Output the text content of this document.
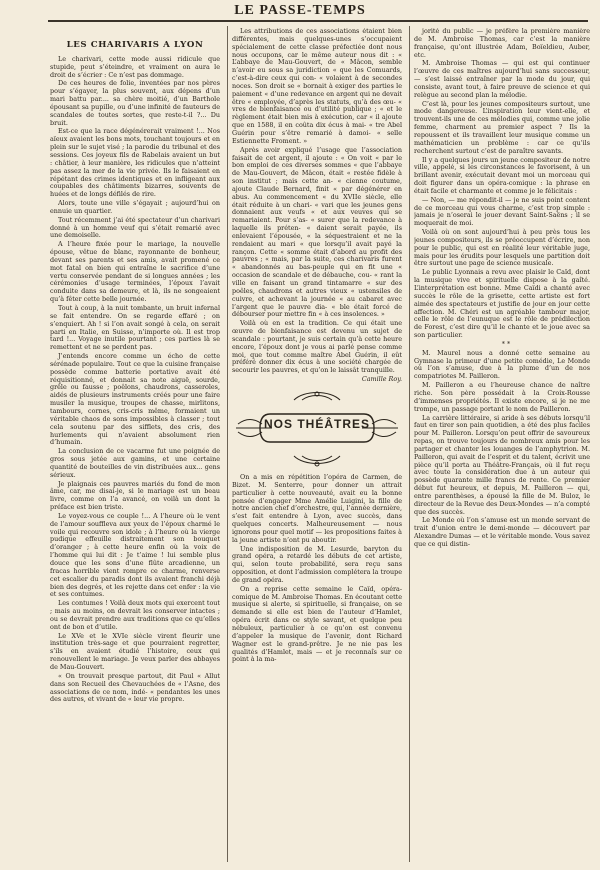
LE PASSE-TEMPS
LES CHARIVARIS A LYON

Le charivari, cette mode aussi ridicule que stupide, peut s’éteindre, et vraiment on aura le droit de s’écrier : Ce n’est pas dommage.

De ces heures de folie, inventées par nos pères pour s’égayer, la plus souvent, aux dépens d’un mari battu par.... sa chère moitié, d’un Barthole épousant sa pupille, ou d’une infinité de fauteurs de scandales de toutes sortes, que reste-t-il ?... Du bruit.

Est-ce que la race dégénérerait vraiment !... Nos aïeux avaient les bons mots, touchant toujours et en plein sur le sujet visé ; la parodie du tribunal et des sessions. Ces joyeux fils de Rabelais avaient un but : châtier, à leur manière, les ridicules que n’atteint pas assez la mer de la vie privée. Ils le faisaient en répétant des crimes identiques et en infligeant aux coupables des châtiments bizarres, souvents de huées et de longs défilés de rire.

Alors, toute une ville s’égayait ; aujourd’hui on ennuie un quartier.

Tout récemment j’ai été spectateur d’un charivari donné à un homme veuf qui s’était remarié avec une demoiselle.

A l’heure fixée pour le mariage, la nouvelle épouse, vêtue de blanc, rayonnante de bonheur, devant ses parents et ses amis, avait promené ce mot fatal on bien qui entraîne le sacrifice d’une vertu conservée pendant de si longues années ; les cérémonies d’usage terminées, l’époux l’avait conduite dans sa demeure, et là, ils ne songeaient qu’à fêter cette belle journée.

Tout à coup, à la nuit tombante, un bruit infernal se fait entendre. On se regarde effaré ; on s’enquiert. Ah ! si l’on avait songé à cela, on serait parti en Italie, en Suisse, n’importe où. Il est trop tard !... Voyage inutile pourtant ; ces parties là se remettent et ne se perdent pas.

J’entends encore comme un écho de cette sérénade populaire. Tout ce que la cuisine française possède comme batterie portative avait été réquisitionné, et donnait sa note aiguë, sourde, grêle ou fausse ; poêlons, chaudrons, casseroles, aidés de plusieurs instruments créés pour une faire musiler la musique, troupes de chasse, mirlitons, tambours, cornes, cris-cris même, formaient un véritable chaos de sons impossibles à classer ; tout cela soutenu par des sifflets, des cris, des hurlements qui n’avaient absolument rien d’humain.

La conclusion de ce vacarme fut une poignée de gros sous jetée aux gamins, et une certaine quantité de bouteilles de vin distribuées aux... gens sérieux.

Je plaignais ces pauvres mariés du fond de mon âme, car, me disai-je, si le mariage est un beau livre, comme on l’a avancé, on voilà un dont la préface est bien triste.

Le voyez-vous ce couple !... A l’heure où le vent de l’amour souffleva aux yeux de l’époux charmé le voile qui recouvre son idole ; à l’heure où la vierge pudique effeuille distraitement son bouquet d’oranger ; à cette heure enfin où la voix de l’homme qui lui dit : Je t’aime ! lui semble plus douce que les sons d’une flûte arcadienne, un fracas horrible vient rompre ce charme, renverse cet escalier du paradis dont ils avaient franchi déjà bien des degrés, et les rejette dans cet enfer : la vie et ses contumes.

Les contumes ! Voilà deux mots qui exercent tout ; mais au moins, on devrait les conserver intactes ; ou se devrait prendre aux traditions que ce qu’elles ont de bon et d’utile.

Le XVe et le XVIe siècle virent fleurir une institution très-sage et que pourraient regretter, s’ils en avaient étudié l’histoire, ceux qui renouvellent le mariage. Je veux parler des abbayes de Mau-Gouvert.

« On trouvait presque partout, dit Paul « Allut dans son Recueil des Chevauchées de « l’Asne, des associations de ce nom, indé- « pendantes les unes des autres, et vivant de « leur vie propre.

Les attributions de ces associations étaient bien différentes, mais quelques-unes s’occupaient spécialement de cette classe préfectiée dont nous nous occupons, car le même auteur nous dit : « L’abbaye de Mau-Gouvert, de « Mâcon, semble n’avoir eu sous sa juridiction « que les Comuards, c’est-à-dire ceux qui con- « volaient à de secondes noces. Son droit se « bornait à exiger des parties le paiement « d’une redevance en argent qui ne devait être « employée, d’après les statuts, qu’à des œu- « vres de bienfaisance ou d’utilité publique ; « et le règlement était bien mis à exécution, car « il ajoute que en 1588, il en coûta dix écus à mai- « tre Abel Guérin pour s’être remarié à damoi- « selle Estiennette Froment. »

Après avoir expliqué l’usage que l’association faisait de cet argent, il ajoute : « On voit « par le bon emploi de ces diverses sommes « que l’abbaye de Mau-Gouvert, de Mâcon, était « restée fidèle à son institut ; mais cette an- « cienne coutume, ajoute Claude Bernard, finit « par dégénérer en abus. Au commencement « du XVIIe siècle, elle était réduite à un chari- « vari que les jeunes gens donnaient aux veufs « et aux veuves qui se remariaient. Pour s’as- « surer que la redevance à laquelle ils préten- « daient serait payée, ils enlevaient l’épousée, « la séquestraient et ne la rendaient au mari « que lorsqu’il avait payé la rançon. Cette « somme était d’abord au profit des pauvres ; « mais, par la suite, ces charivaris furent « abandonnés au bas-peuple qui en fit une « occasion de scandale et de débauche, cou- « rant la ville en faisant un grand tintamarre « sur des poêles, chaudrons et autres vieux « ustensiles de cuivre, et achevant la journée « au cabaret avec l’argent que le pauvre dia- « ble était forcé de débourser pour mettre fin « à ces insolences. »

Voilà où en est la tradition. Ce qui était une œuvre de bienfaisance est devenu un sujet de scandale : pourtant, je suis certain qu’à cette heure encore, l’époux dont je vous ai parlé pense comme moi, que tout comme maître Abel Guérin, il eût préféré donner dix écus à une société chargée de secourir les pauvres, et qu’on le laissât tranquille.

Camille Roy.

NOS THÉÂTRES

On a mis en répétition l’opéra de Carmen, de Bizet. M. Senterre, pour donner un attrait particulier à cette nouveauté, avait eu la bonne pensée d’engager Mme Amélie Luigini, la fille de notre ancien chef d’orchestre, qui, l’année dernière, s’est fait entendre à Lyon, avec succès, dans quelques concerts. Malheureusement — nous ignorons pour quel motif — les propositions faites à la jeune artiste n’ont pu aboutir.

Une indisposition de M. Lesurde, baryton du grand opéra, a retardé les débuts de cet artiste, qui, selon toute probabilité, sera reçu sans opposition, et dont l’admission complétera la troupe de grand opéra.

On a reprise cette semaine le Caïd, opéra-comique de M. Ambroise Thomas. En écoutant cette musique si alerte, si spirituelle, si française, on se demande si elle est bien de l’auteur d’Hamlet, opéra écrit dans ce style savant, et quelque peu nébuleux, particulier à ce qu’on est convenu d’appeler la musique de l’avenir, dont Richard Wagner est le grand-prêtre. Je ne nie pas les qualités d’Hamlet, mais — et je reconnaîs sur ce point à la ma-

jorité du public — je préfère la première manière de M. Ambroise Thomas, car c’est la manière française, qu’ont illustrée Adam, Boïeldieu, Auber, etc.

M. Ambroise Thomas — qui est qui continuer l’œuvre de ces maîtres aujourd’hui sans successeur, — s’est laissé entraîner par la mode du jour, qui consiste, avant tout, à faire preuve de science et qui relègue au second plan la mélodie.

C’est là, pour les jeunes compositeurs surtout, une mode dangereuse. L’inspiration leur vient-elle, et trouvent-ils une de ces mélodies qui, comme une jolie femme, charment au premier aspect ? Ils la repoussent et ils travaillent leur musique comme un mathématicien un problème : car ce qu’ils recherchent surtout c’est de paraître savants.

Il y a quelques jours un jeune compositeur de notre ville, appelé, si les circonstances le favorisent, à un brillant avenir, exécutait devant moi un morceau qui doit figurer dans un opéra-comique : la phrase en était facile et charmante et comme je le félicitais :

— Non, — me répondit-il — je ne suis point content de ce morceau qui vous charme, c’est trop simple : jamais je n’oserai le jouer devant Saint-Saëns ; il se moquerait de moi.

Voilà où on sont aujourd’hui à peu près tous les jeunes compositeurs, ils se préoccupent d’écrire, non pour le public, qui est en réalité leur véritable juge, mais pour les érudits pour lesquels une partition doit être surtout une page de science musicale.

Le public Lyonnais a revu avec plaisir le Caïd, dont la musique vive et spirituelle dispose à la gaîté. L’interprétation est bonne. Mme Caïdi a chanté avec succès le rôle de la grisette, cette artiste est fort aimée des spectateurs et justifie de jour en jour cette affection. M. Chéri est un agréable tambour major, celle le rôle de l’eunuque est le rôle de prédilection de Forest, c’est dire qu’il le chante et le joue avec sa son particulier.

* *

M. Maurel nous a donné cette semaine au Gymnase la primeur d’une petite comédie, Le Monde où l’on s’amuse, due à la plume d’un de nos compatriotes M. Pailleron.

M. Pailleron a eu l’heureuse chance de naître riche. Son père possédait à la Croix-Rousse d’immenses propriétés. Il existe encore, si je ne me trompe, un passage portant le nom de Pailleron.

La carrière littéraire, si aride à ses débuts lorsqu’il faut en tirer son pain quotidien, a été des plus faciles pour M. Pailleron. Lorsqu’on peut offrir de savoureux repas, on trouve toujours de nombreux amis pour les partager et chanter les louanges de l’amphytrion. M. Pailleron, qui avait de l’esprit et du talent, écrivit une pièce qu’il porta au Théâtre-Français, où il fut reçu avec toute la considération due à un auteur qui possède quarante mille francs de rente. Ce premier début fut heureux, et depuis, M. Pailleron — qui, entre parenthèses, a épousé la fille de M. Buloz, le directeur de la Revue des Deux-Mondes — n’a compté que des succès.

Le Monde où l’on s’amuse est un monde servant de trait d’union entre le demi-monde — découvert par Alexandre Dumas — et le véritable monde. Vous savez que ce qui distin-
